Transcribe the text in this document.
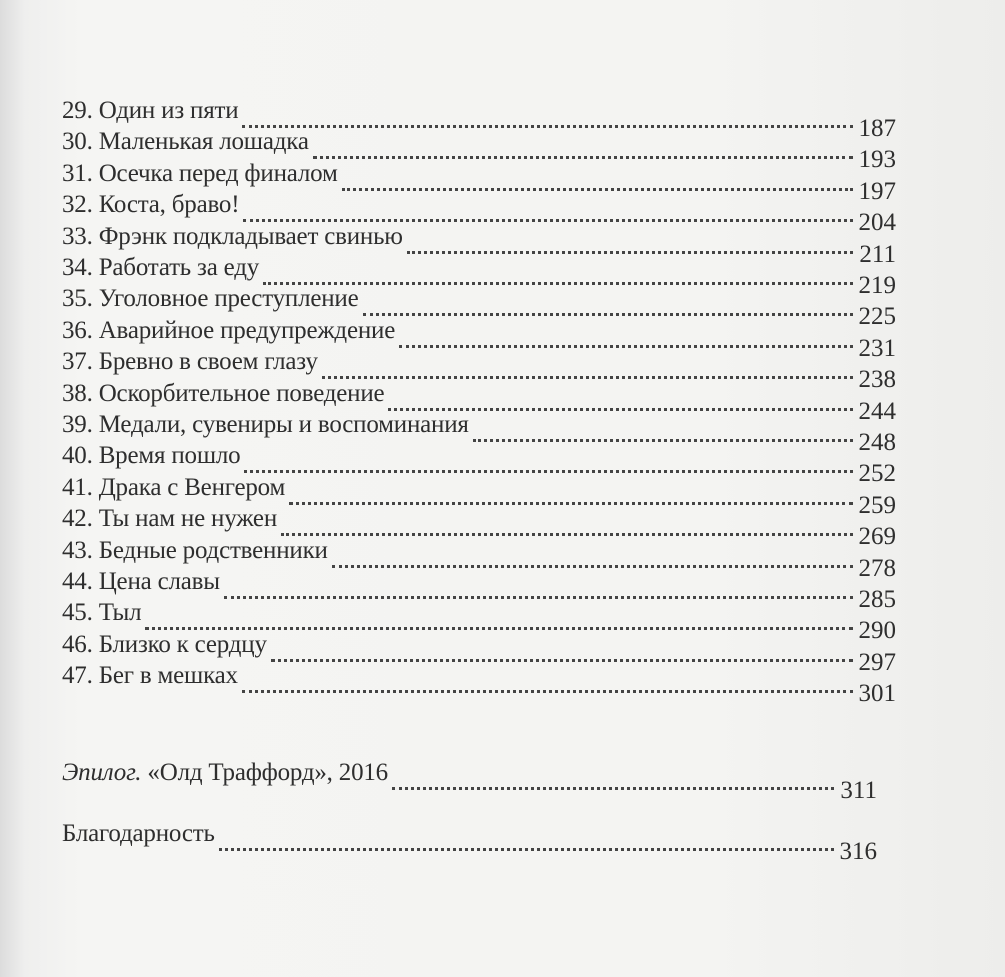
Эпилог. «Олд Траффорд», 2016
311
Благодарность
316
29. Один из пяти
187
30. Маленькая лошадка
193
31. Осечка перед финалом
197
32. Коста, браво!
204
33. Фрэнк подкладывает свинью
211
34. Работать за еду
219
35. Уголовное преступление
225
36. Аварийное предупреждение
231
37. Бревно в своем глазу
238
38. Оскорбительное поведение
244
39. Медали, сувениры и воспоминания
248
40. Время пошло
252
41. Драка с Венгером
259
42. Ты нам не нужен
269
43. Бедные родственники
278
44. Цена славы
285
45. Тыл
290
46. Близко к сердцу
297
47. Бег в мешках
301
